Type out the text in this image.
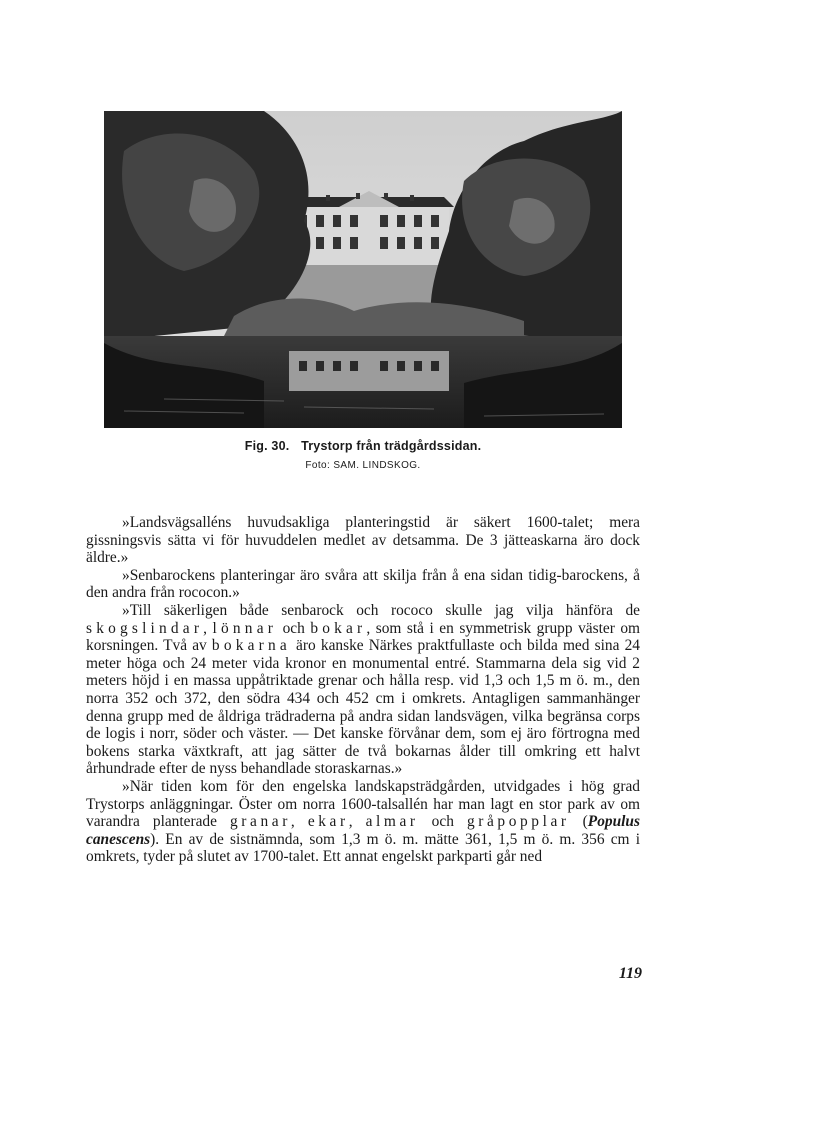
Fig. 30. Trystorp från trädgårdssidan.
Foto: SAM. LINDSKOG.

»Landsvägsalléns huvudsakliga planteringstid är säkert 1600-talet; mera gissningsvis sätta vi för huvuddelen medlet av detsamma. De 3 jätteaskarna äro dock äldre.»

»Senbarockens planteringar äro svåra att skilja från å ena sidan tidig-barockens, å den andra från rococon.»

»Till säkerligen både senbarock och rococo skulle jag vilja hänföra de skogslindar, lönnar och bokar, som stå i en symmetrisk grupp väster om korsningen. Två av bokarna äro kanske Närkes praktfullaste och bilda med sina 24 meter höga och 24 meter vida kronor en monumental entré. Stammarna dela sig vid 2 meters höjd i en massa uppåtriktade grenar och hålla resp. vid 1,3 och 1,5 m ö. m., den norra 352 och 372, den södra 434 och 452 cm i omkrets. Antagligen sammanhänger denna grupp med de åldriga trädraderna på andra sidan landsvägen, vilka begränsa corps de logis i norr, söder och väster. — Det kanske förvånar dem, som ej äro förtrogna med bokens starka växtkraft, att jag sätter de två bokarnas ålder till omkring ett halvt århundrade efter de nyss behandlade storaskarnas.»

»När tiden kom för den engelska landskapsträdgården, utvidgades i hög grad Trystorps anläggningar. Öster om norra 1600-talsallén har man lagt en stor park av om varandra planterade granar, ekar, almar och gråpopplar (Populus canescens). En av de sistnämnda, som 1,3 m ö. m. mätte 361, 1,5 m ö. m. 356 cm i omkrets, tyder på slutet av 1700-talet. Ett annat engelskt parkparti går ned

119
